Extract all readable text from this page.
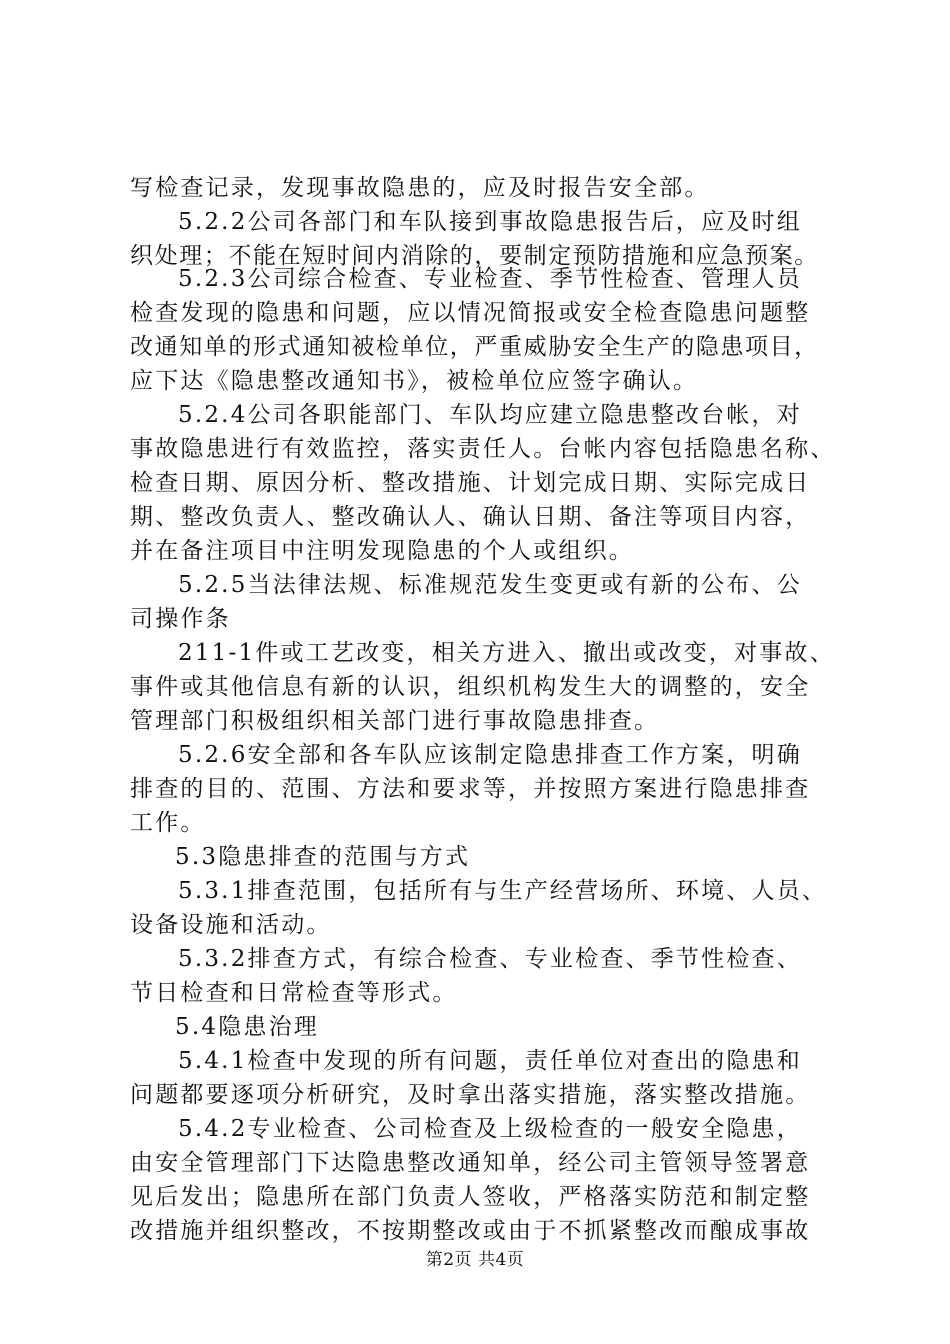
写检查记录，发现事故隐患的，应及时报告安全部。
5.2.2公司各部门和车队接到事故隐患报告后，应及时组
织处理；不能在短时间内消除的，要制定预防措施和应急预案。
5.2.3公司综合检查、专业检查、季节性检查、管理人员
检查发现的隐患和问题，应以情况简报或安全检查隐患问题整
改通知单的形式通知被检单位，严重威胁安全生产的隐患项目，
应下达《隐患整改通知书》，被检单位应签字确认。
5.2.4公司各职能部门、车队均应建立隐患整改台帐，对
事故隐患进行有效监控，落实责任人。台帐内容包括隐患名称、
检查日期、原因分析、整改措施、计划完成日期、实际完成日
期、整改负责人、整改确认人、确认日期、备注等项目内容，
并在备注项目中注明发现隐患的个人或组织。
5.2.5当法律法规、标准规范发生变更或有新的公布、公
司操作条
211-1件或工艺改变，相关方进入、撤出或改变，对事故、
事件或其他信息有新的认识，组织机构发生大的调整的，安全
管理部门积极组织相关部门进行事故隐患排查。
5.2.6安全部和各车队应该制定隐患排查工作方案，明确
排查的目的、范围、方法和要求等，并按照方案进行隐患排查
工作。
5.3隐患排查的范围与方式
5.3.1排查范围，包括所有与生产经营场所、环境、人员、
设备设施和活动。
5.3.2排查方式，有综合检查、专业检查、季节性检查、
节日检查和日常检查等形式。
5.4隐患治理
5.4.1检查中发现的所有问题，责任单位对查出的隐患和
问题都要逐项分析研究，及时拿出落实措施，落实整改措施。
5.4.2专业检查、公司检查及上级检查的一般安全隐患，
由安全管理部门下达隐患整改通知单，经公司主管领导签署意
第2页 共4页
见后发出；隐患所在部门负责人签收，严格落实防范和制定整
改措施并组织整改，不按期整改或由于不抓紧整改而酿成事故
